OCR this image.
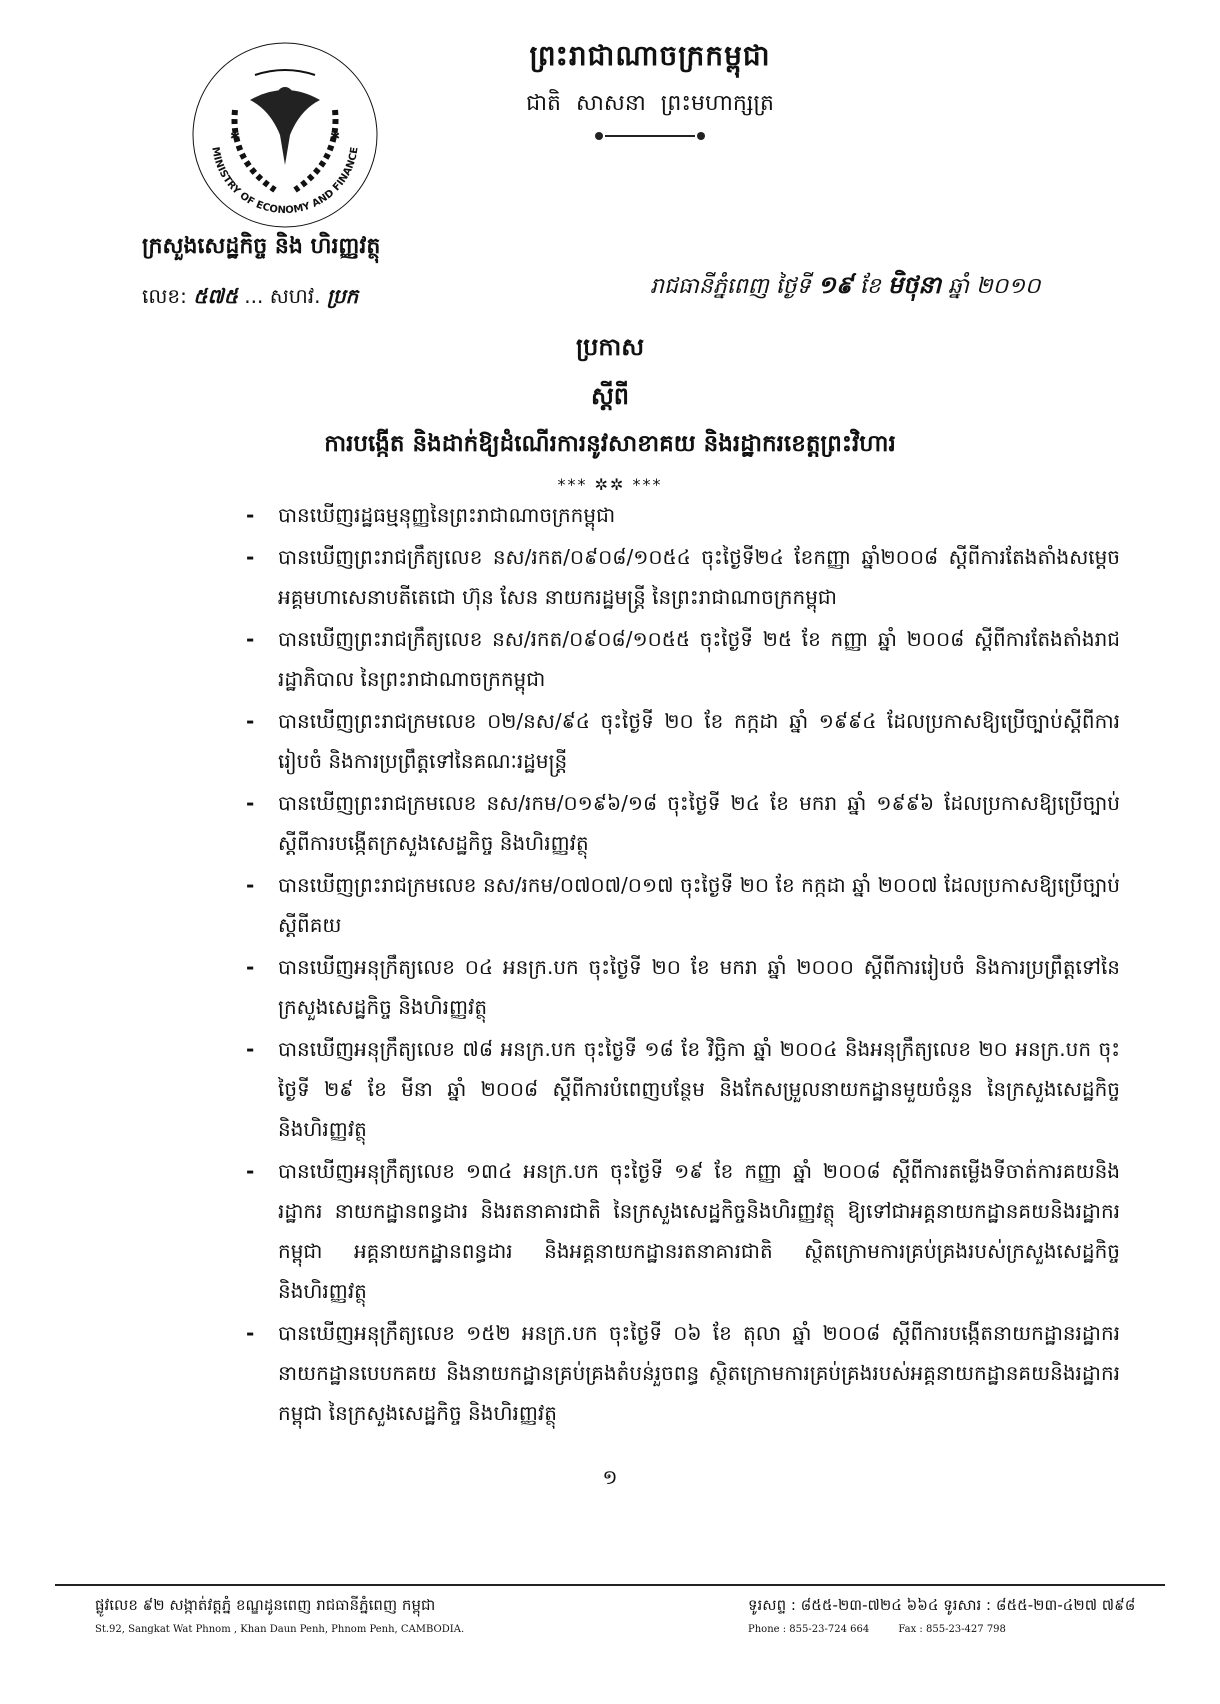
MINISTRY OF ECONOMY AND FINANCE
✱	✱
ក្រសួងសេដ្ឋកិច្ច និង ហិរញ្ញវត្ថុ
លេខ: ៥៧៥ ... សហវ. ប្រក
ព្រះរាជាណាចក្រកម្ពុជា
ជាតិ សាសនា ព្រះមហាក្សត្រ
រាជធានីភ្នំពេញ ថ្ងៃទី ១៩ ខែ មិថុនា ឆ្នាំ ២០១០
ប្រកាស
ស្តីពី
ការបង្កើត និងដាក់ឱ្យដំណើរការនូវសាខាគយ និងរដ្ឋាករខេត្តព្រះវិហារ
*** ✲✲ ***
- បានឃើញរដ្ឋធម្មនុញ្ញនៃព្រះរាជាណាចក្រកម្ពុជា
- បានឃើញព្រះរាជក្រឹត្យលេខ នស/រកត/០៩០៨/១០៥៤ ចុះថ្ងៃទី២៤ ខែកញ្ញា ឆ្នាំ២០០៨ ស្តីពីការតែងតាំងសម្តេចអគ្គមហាសេនាបតីតេជោ ហ៊ុន សែន នាយករដ្ឋមន្ត្រី នៃព្រះរាជាណាចក្រកម្ពុជា
- បានឃើញព្រះរាជក្រឹត្យលេខ នស/រកត/០៩០៨/១០៥៥ ចុះថ្ងៃទី ២៥ ខែ កញ្ញា ឆ្នាំ ២០០៨ ស្តីពីការតែងតាំងរាជរដ្ឋាភិបាល នៃព្រះរាជាណាចក្រកម្ពុជា
- បានឃើញព្រះរាជក្រមលេខ ០២/នស/៩៤ ចុះថ្ងៃទី ២០ ខែ កក្កដា ឆ្នាំ ១៩៩៤ ដែលប្រកាសឱ្យប្រើច្បាប់ស្តីពីការរៀបចំ និងការប្រព្រឹត្តទៅនៃគណៈរដ្ឋមន្ត្រី
- បានឃើញព្រះរាជក្រមលេខ នស/រកម/០១៩៦/១៨ ចុះថ្ងៃទី ២៤ ខែ មករា ឆ្នាំ ១៩៩៦ ដែលប្រកាសឱ្យប្រើច្បាប់ស្តីពីការបង្កើតក្រសួងសេដ្ឋកិច្ច និងហិរញ្ញវត្ថុ
- បានឃើញព្រះរាជក្រមលេខ នស/រកម/០៧០៧/០១៧ ចុះថ្ងៃទី ២០ ខែ កក្កដា ឆ្នាំ ២០០៧ ដែលប្រកាសឱ្យប្រើច្បាប់ស្តីពីគយ
- បានឃើញអនុក្រឹត្យលេខ ០៤ អនក្រ.បក ចុះថ្ងៃទី ២០ ខែ មករា ឆ្នាំ ២០០០ ស្តីពីការរៀបចំ និងការប្រព្រឹត្តទៅនៃក្រសួងសេដ្ឋកិច្ច និងហិរញ្ញវត្ថុ
- បានឃើញអនុក្រឹត្យលេខ ៧៨ អនក្រ.បក ចុះថ្ងៃទី ១៨ ខែ វិច្ឆិកា ឆ្នាំ ២០០៤ និងអនុក្រឹត្យលេខ ២០ អនក្រ.បក ចុះថ្ងៃទី ២៩ ខែ មីនា ឆ្នាំ ២០០៨ ស្តីពីការបំពេញបន្ថែម និងកែសម្រួលនាយកដ្ឋានមួយចំនួន នៃក្រសួងសេដ្ឋកិច្ច និងហិរញ្ញវត្ថុ
- បានឃើញអនុក្រឹត្យលេខ ១៣៤ អនក្រ.បក ចុះថ្ងៃទី ១៩ ខែ កញ្ញា ឆ្នាំ ២០០៨ ស្តីពីការតម្លើងទីចាត់ការគយនិងរដ្ឋាករ នាយកដ្ឋានពន្ធដារ និងរតនាគារជាតិ នៃក្រសួងសេដ្ឋកិច្ចនិងហិរញ្ញវត្ថុ ឱ្យទៅជាអគ្គនាយកដ្ឋានគយនិងរដ្ឋាករកម្ពុជា អគ្គនាយកដ្ឋានពន្ធដារ និងអគ្គនាយកដ្ឋានរតនាគារជាតិ ស្ថិតក្រោមការគ្រប់គ្រងរបស់ក្រសួងសេដ្ឋកិច្ច និងហិរញ្ញវត្ថុ
- បានឃើញអនុក្រឹត្យលេខ ១៥២ អនក្រ.បក ចុះថ្ងៃទី ០៦ ខែ តុលា ឆ្នាំ ២០០៨ ស្តីពីការបង្កើតនាយកដ្ឋានរដ្ឋាករ នាយកដ្ឋានបេបកគយ និងនាយកដ្ឋានគ្រប់គ្រងតំបន់រួចពន្ធ ស្ថិតក្រោមការគ្រប់គ្រងរបស់អគ្គនាយកដ្ឋានគយនិងរដ្ឋាករកម្ពុជា នៃក្រសួងសេដ្ឋកិច្ច និងហិរញ្ញវត្ថុ
១
ផ្លូវលេខ ៩២ សង្កាត់វត្តភ្នំ ខណ្ឌដូនពេញ រាជធានីភ្នំពេញ កម្ពុជា
St.92, Sangkat Wat Phnom , Khan Daun Penh, Phnom Penh, CAMBODIA.
ទូរសព្ទ : ៨៥៥-២៣-៧២៤ ៦៦៤ ទូរសារ : ៨៥៥-២៣-៤២៧ ៧៩៨
Phone : 855-23-724 664	Fax : 855-23-427 798
